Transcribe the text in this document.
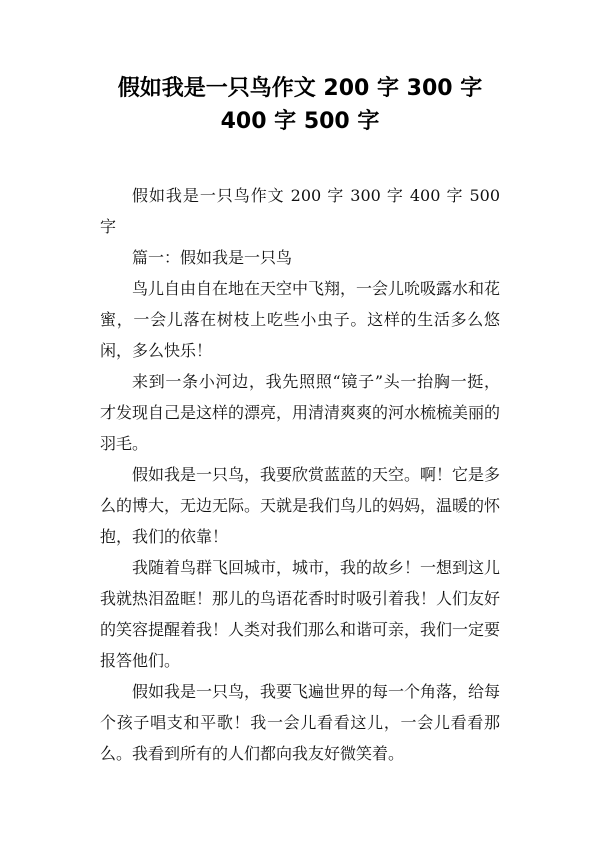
假如我是一只鸟作文 200 字 300 字
400 字 500 字

假如我是一只鸟作文 200 字 300 字 400 字 500 字

篇一：假如我是一只鸟

鸟儿自由自在地在天空中飞翔，一会儿吮吸露水和花蜜，一会儿落在树枝上吃些小虫子。这样的生活多么悠闲，多么快乐！

来到一条小河边，我先照照“镜子”头一抬胸一挺，才发现自己是这样的漂亮，用清清爽爽的河水梳梳美丽的羽毛。

假如我是一只鸟，我要欣赏蓝蓝的天空。啊！它是多么的博大，无边无际。天就是我们鸟儿的妈妈，温暖的怀抱，我们的依靠！

我随着鸟群飞回城市，城市，我的故乡！一想到这儿我就热泪盈眶！那儿的鸟语花香时时吸引着我！人们友好的笑容提醒着我！人类对我们那么和谐可亲，我们一定要报答他们。

假如我是一只鸟，我要飞遍世界的每一个角落，给每个孩子唱支和平歌！我一会儿看看这儿，一会儿看看那么。我看到所有的人们都向我友好微笑着。
